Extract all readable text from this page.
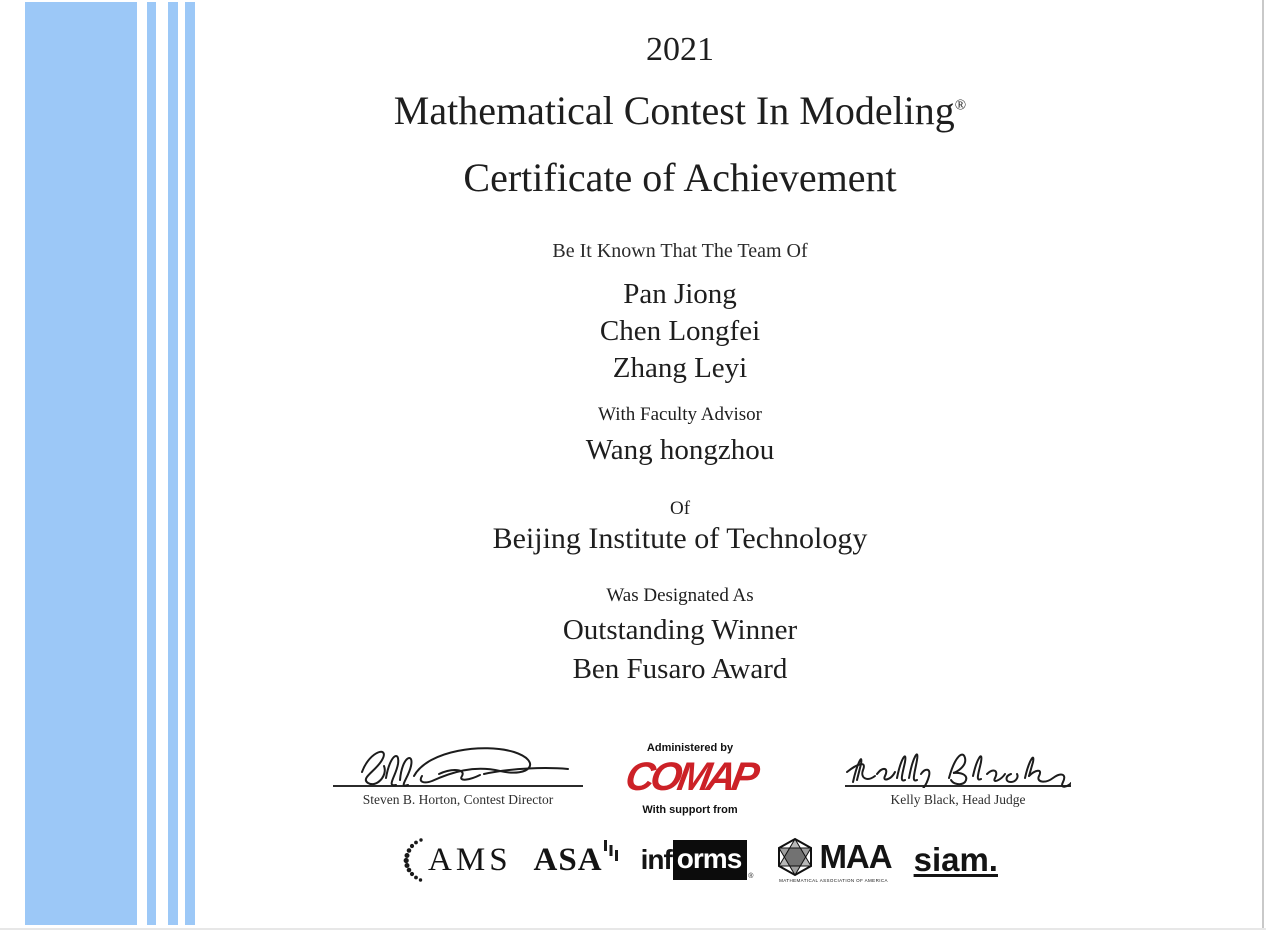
2021
Mathematical Contest In Modeling®
Certificate of Achievement
Be It Known That The Team Of
Pan Jiong
Chen Longfei
Zhang Leyi
With Faculty Advisor
Wang hongzhou
Of
Beijing Institute of Technology
Was Designated As
Outstanding Winner
Ben Fusaro Award
Steven B. Horton, Contest Director
Administered by
COMAP
With support from
Kelly Black, Head Judge
AMS ASA inf orms
®
MAA
MATHEMATICAL ASSOCIATION OF AMERICA
siam.
